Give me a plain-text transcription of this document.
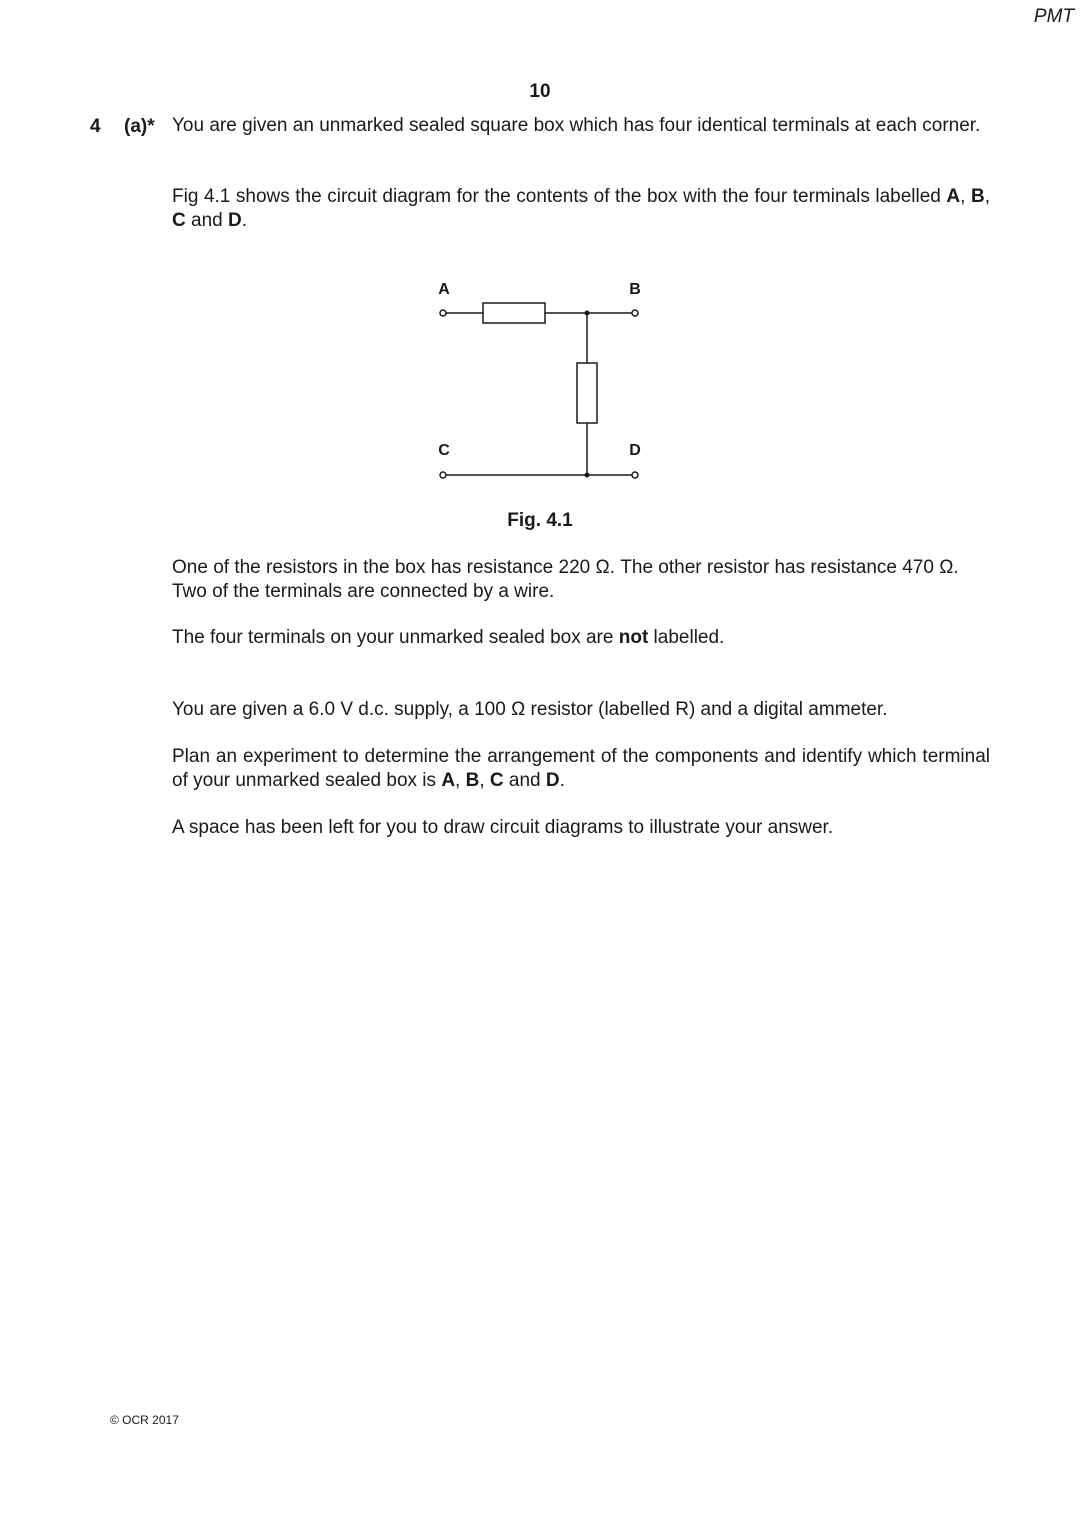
PMT
10
4 (a)* You are given an unmarked sealed square box which has four identical terminals at each corner.

Fig 4.1 shows the circuit diagram for the contents of the box with the four terminals labelled A, B, C and D.

A	B
C	D
Fig. 4.1

One of the resistors in the box has resistance 220 Ω. The other resistor has resistance 470 Ω. Two of the terminals are connected by a wire.

The four terminals on your unmarked sealed box are not labelled.

You are given a 6.0 V d.c. supply, a 100 Ω resistor (labelled R) and a digital ammeter.

Plan an experiment to determine the arrangement of the components and identify which terminal of your unmarked sealed box is A, B, C and D.

A space has been left for you to draw circuit diagrams to illustrate your answer.

© OCR 2017
